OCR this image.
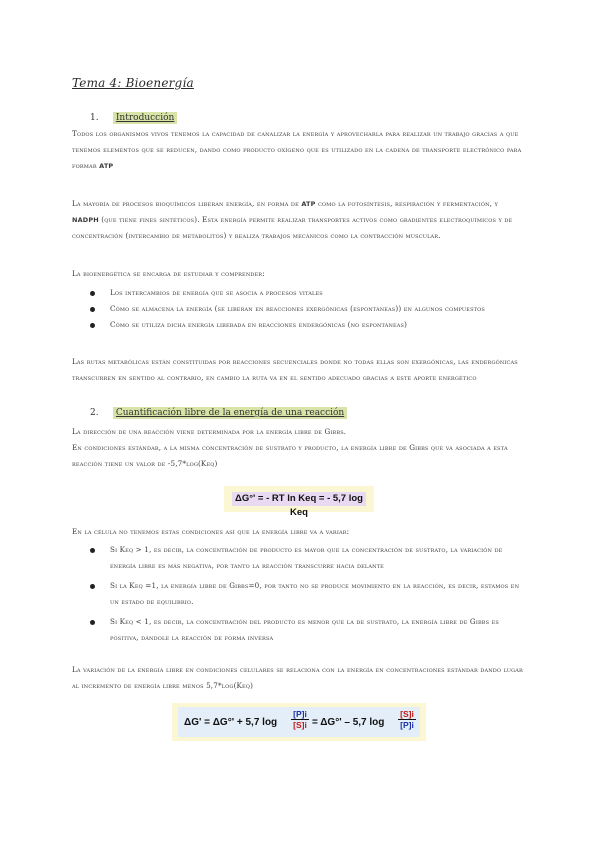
Tema 4: Bioenergía
1. Introducción
Todos los organismos vivos tenemos la capacidad de canalizar la energía y aprovecharla para realizar un trabajo gracias a que tenemos elementos que se reducen, dando como producto oxígeno que es utilizado en la cadena de transporte electrónico para formar ATP
La mayoría de procesos bioquímicos liberan energía, en forma de ATP como la fotosíntesis, respiración y fermentación, y NADPH (que tiene fines sintéticos). Esta energía permite realizar transportes activos como gradientes electroquímicos y de concentración (intercambio de metabolitos) y realiza trabajos mecánicos como la contracción muscular.
La bioenergética se encarga de estudiar y comprender:
Los intercambios de energía que se asocia a procesos vitales
Cómo se almacena la energía (se liberan en reacciones exergónicas (espontáneas)) en algunos compuestos
Cómo se utiliza dicha energía liberada en reacciones endergónicas (no espontáneas)
Las rutas metabólicas están constituidas por reacciones secuenciales donde no todas ellas son exergónicas, las endergónicas transcurren en sentido al contrario, en cambio la ruta va en el sentido adecuado gracias a este aporte energético
2. Cuantificación libre de la energía de una reacción
La dirección de una reacción viene determinada por la energía libre de Gibbs.
En condiciones estándar, a la misma concentración de sustrato y producto, la energía libre de Gibbs que va asociada a esta reacción tiene un valor de -5,7*log(Keq)
ΔG°' = - RT ln Keq = - 5,7 log Keq
En la célula no tenemos estas condiciones así que la energía libre va a variar:
Si Keq > 1, es decir, la concentración de producto es mayor que la concentración de sustrato, la variación de energía libre es más negativa, por tanto la reacción transcurre hacia delante
Si la Keq =1, la energía libre de Gibbs=0, por tanto no se produce movimiento en la reacción, es decir, estamos en un estado de equilibrio.
Si Keq < 1, es decir, la concentración del producto es menor que la de sustrato, la energía libre de Gibbs es positiva, dándole la reacción de forma inversa
La variación de la energía libre en condiciones celulares se relaciona con la energía en concentraciones estándar dando lugar al incremento de energía libre menos 5,7*log(Keq)
ΔG' = ΔG°' + 5,7 $\log \frac{[P]i}{[S]i} = \Delta G^\circ' - 5,7$ $\log \frac{[S]i}{[P]i}$
